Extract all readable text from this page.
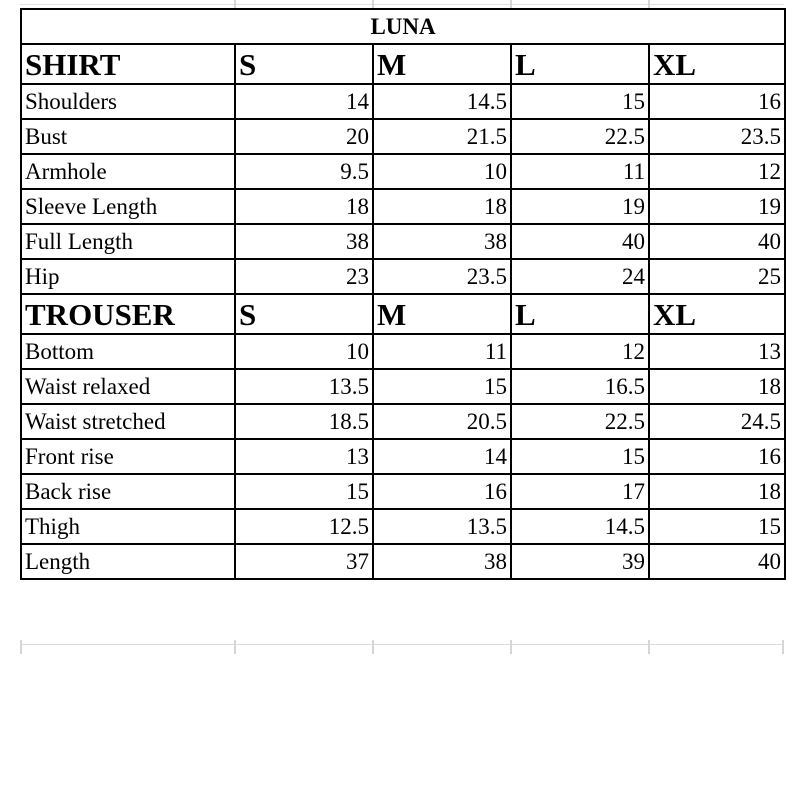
LUNA				
SHIRT	S	M	L	XL
Shoulders	14	14.5	15	16
Bust	20	21.5	22.5	23.5
Armhole	9.5	10	11	12
Sleeve Length	18	18	19	19
Full Length	38	38	40	40
Hip	23	23.5	24	25
TROUSER	S	M	L	XL
Bottom	10	11	12	13
Waist relaxed	13.5	15	16.5	18
Waist stretched	18.5	20.5	22.5	24.5
Front rise	13	14	15	16
Back rise	15	16	17	18
Thigh	12.5	13.5	14.5	15
Length	37	38	39	40
